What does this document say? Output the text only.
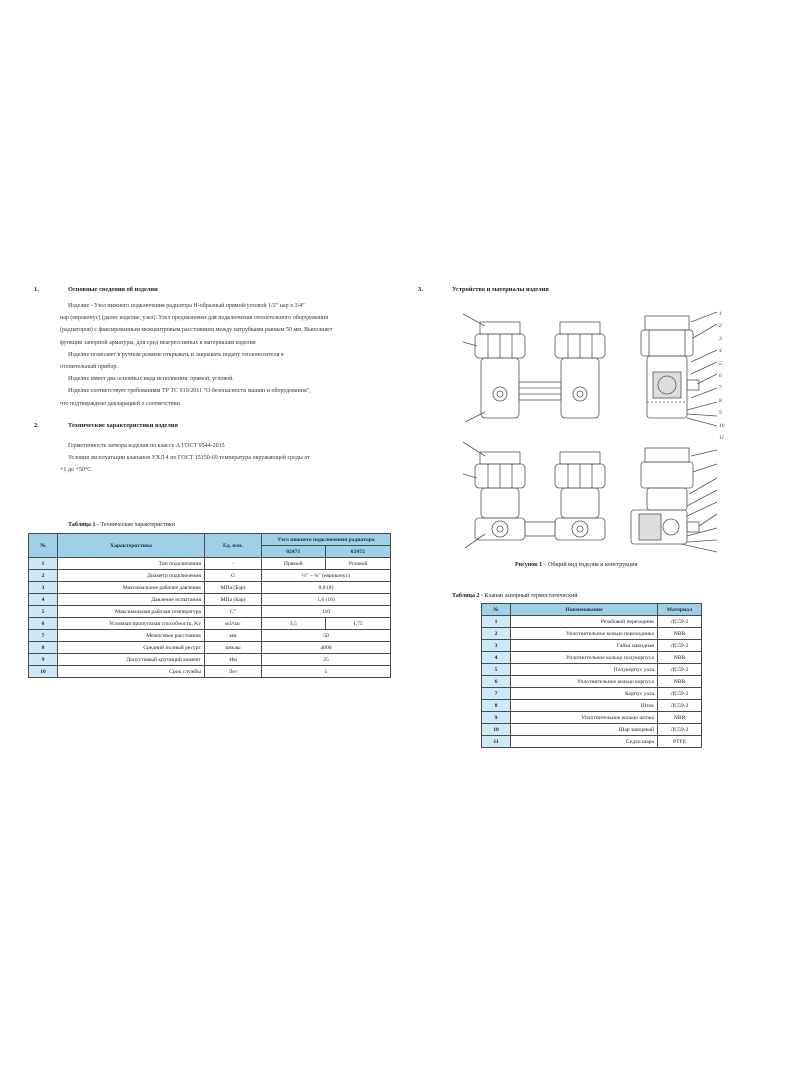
1.	Основные сведения об изделии
Изделие - Узел нижнего подключения радиатора H-образный прямой/угловой 1/2" нар х 3/4"
нар (евроконус) (далее изделие, узел). Узел предназначен для подключения отопительного оборудования
(радиаторов) с фиксированным межцентровым расстоянием между патрубками равным 50 мм. Выполняет
функции запорной арматуры, для сред неагрессивных к материалам изделия
Изделие позволяет в ручном режиме открывать и закрывать подачу теплоносителя в
отопительный прибор.
Изделие имеет два основных вида исполнения: прямой, угловой.
Изделие соответствует требованиям ТР ТС 010/2011 "О безопасности машин и оборудования",
что подтверждено декларацией о соответствии
2.	Технические характеристики изделия
Герметичность затвора изделия по классу А ГОСТ 9544-2015
Условия эксплуатации клапанов УХЛ 4 по ГОСТ 15150-69 температура окружающей среды от
+1 до +50°С.
Таблица 1 - Технические характеристики
№	Характеристика	Ед. изм.	Узел нижнего подключения радиатора	
			02471	02472
1	Тип подключения	-	Прямой	Угловой
2	Диаметр подключения	G	½" – ¾" (евроконус)	
3	Максимальное рабочее давление	МПа (Бар)	0,8 (8)	
4	Давление испытания	МПа (Бар)	1,6 (16)	
5	Максимальная рабочая температура	С°	110	
6	Условная пропускная способность, Kv	м3/час	3,5	1,75
7	Межосевое расстояние	мм	50	
8	Средний полный ресурс	циклы	4000	
9	Допустимый крутящий момент	Нм	25	
10	Срок службы	Лет	5	
3.	Устройство и материалы изделия
1
2
3
4
5
6
7
8
9
10
11
Рисунок 1 – Общий вид изделия и конструкция
Таблица 2 - Клапан запорный термостатический
№	Наименование	Материал
1	Резьбовой переходник	ЛС59-2
2	Уплотнительное кольцо переходника	NBR
3	Гайка накидная	ЛС59-2
4	Уплотнительное кольцо полукорпуса	NBR
5	Полукорпус узла	ЛС59-2
6	Уплотнительное кольцо корпуса	NBR
7	Корпус узла	ЛС59-2
8	Шток	ЛС59-2
9	Уплотнительное кольцо штока	NBR
10	Шар запорный	ЛС59-2
11	Седло шара	PTFE
